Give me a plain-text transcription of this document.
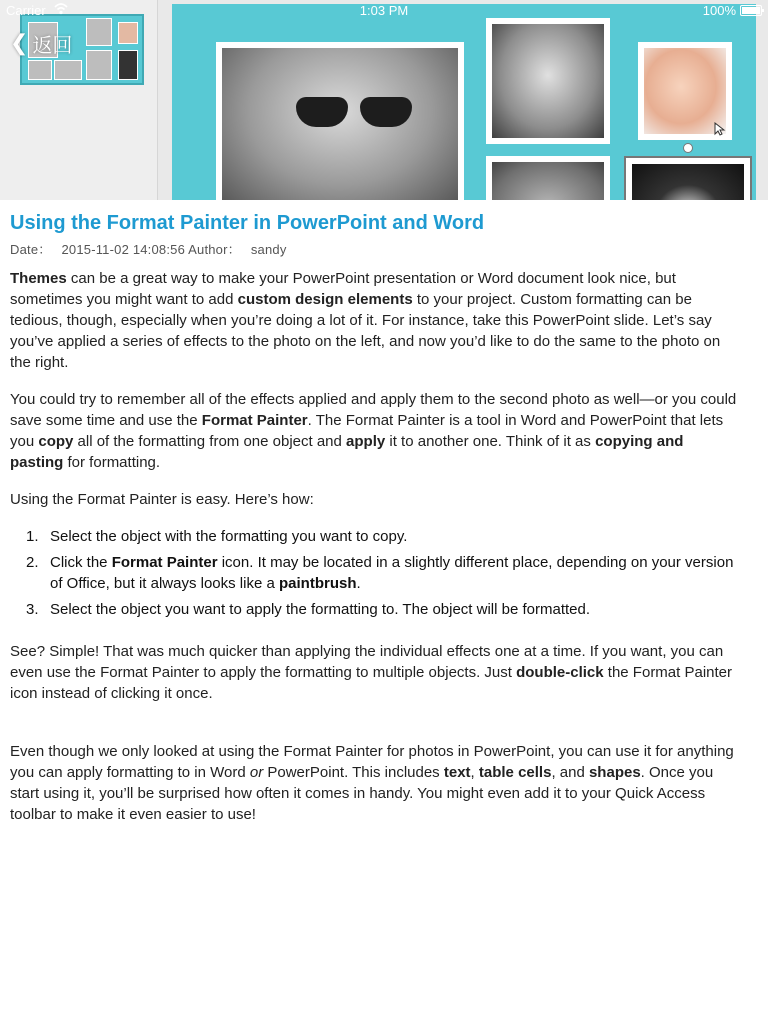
Carrier	1:03 PM	100%
❮ 返回
Using the Format Painter in PowerPoint and Word
Date： 2015-11-02 14:08:56 Author： sandy

Themes can be a great way to make your PowerPoint presentation or Word document look nice, but sometimes you might want to add custom design elements to your project. Custom formatting can be tedious, though, especially when you’re doing a lot of it. For instance, take this PowerPoint slide. Let’s say you’ve applied a series of effects to the photo on the left, and now you’d like to do the same to the photo on the right.

You could try to remember all of the effects applied and apply them to the second photo as well—or you could save some time and use the Format Painter. The Format Painter is a tool in Word and PowerPoint that lets you copy all of the formatting from one object and apply it to another one. Think of it as copying and pasting for formatting.

Using the Format Painter is easy. Here’s how:

1. Select the object with the formatting you want to copy.
2. Click the Format Painter icon. It may be located in a slightly different place, depending on your version of Office, but it always looks like a paintbrush.
3. Select the object you want to apply the formatting to. The object will be formatted.

See? Simple! That was much quicker than applying the individual effects one at a time. If you want, you can even use the Format Painter to apply the formatting to multiple objects. Just double-click the Format Painter icon instead of clicking it once.

Even though we only looked at using the Format Painter for photos in PowerPoint, you can use it for anything you can apply formatting to in Word or PowerPoint. This includes text, table cells, and shapes. Once you start using it, you’ll be surprised how often it comes in handy. You might even add it to your Quick Access toolbar to make it even easier to use!
